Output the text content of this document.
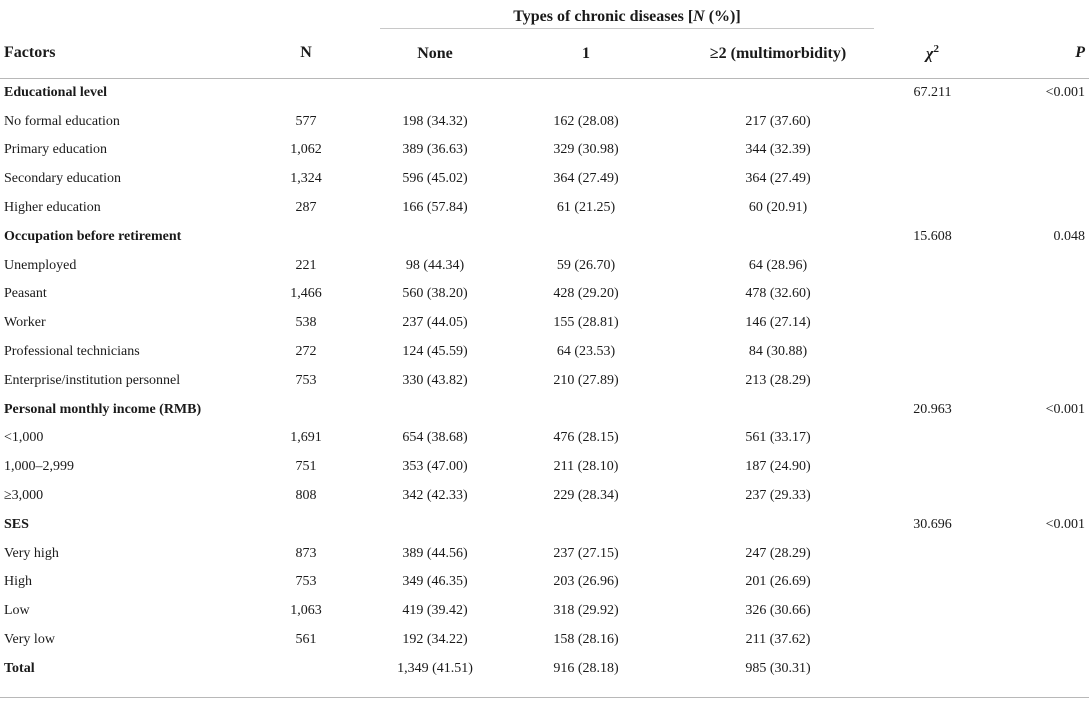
		Types of chronic diseases [N (%)]				
Factors	N	None	1	≥2 (multimorbidity)	$\chi^2$	P
Educational level					67.211	<0.001
No formal education	577	198 (34.32)	162 (28.08)	217 (37.60)		
Primary education	1,062	389 (36.63)	329 (30.98)	344 (32.39)		
Secondary education	1,324	596 (45.02)	364 (27.49)	364 (27.49)		
Higher education	287	166 (57.84)	61 (21.25)	60 (20.91)		
Occupation before retirement					15.608	0.048
Unemployed	221	98 (44.34)	59 (26.70)	64 (28.96)		
Peasant	1,466	560 (38.20)	428 (29.20)	478 (32.60)		
Worker	538	237 (44.05)	155 (28.81)	146 (27.14)		
Professional technicians	272	124 (45.59)	64 (23.53)	84 (30.88)		
Enterprise/institution personnel	753	330 (43.82)	210 (27.89)	213 (28.29)		
Personal monthly income (RMB)					20.963	<0.001
<1,000	1,691	654 (38.68)	476 (28.15)	561 (33.17)		
1,000–2,999	751	353 (47.00)	211 (28.10)	187 (24.90)		
≥3,000	808	342 (42.33)	229 (28.34)	237 (29.33)		
SES					30.696	<0.001
Very high	873	389 (44.56)	237 (27.15)	247 (28.29)		
High	753	349 (46.35)	203 (26.96)	201 (26.69)		
Low	1,063	419 (39.42)	318 (29.92)	326 (30.66)		
Very low	561	192 (34.22)	158 (28.16)	211 (37.62)		
Total		1,349 (41.51)	916 (28.18)	985 (30.31)		
